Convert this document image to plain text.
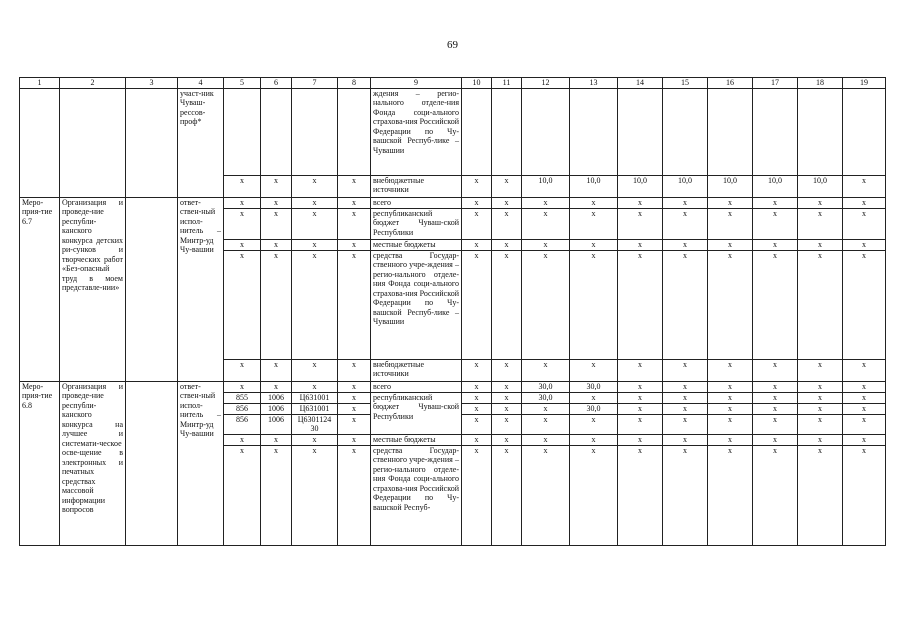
69
1	2	3	4	5	6	7	8	9	10	11	12	13	14	15	16	17	18	19
			участ-ник Чуваш-рессов-проф*					ждения – регио-нального отделе-ния Фонда соци-ального страхова-ния Российской Федерации по Чу-вашской Респуб-лике – Чувашии										
				x	x	x	x	внебюджетные источники	x	x	10,0	10,0	10,0	10,0	10,0	10,0	10,0	x
Меро-прия-тие 6.7	Организация и проведе-ние республи-канского конкурса детских ри-сунков и творческих работ «Без-опасный труд в моем представле-нии»		ответ-ствен-ный испол-нитель – Минтр-уд Чу-вашии	x	x	x	x	всего	x	x	x	x	x	x	x	x	x	x
				x	x	x	x	республиканский бюджет Чуваш-ской Республики	x	x	x	x	x	x	x	x	x	x
				x	x	x	x	местные бюджеты	x	x	x	x	x	x	x	x	x	x
				x	x	x	x	средства Государ-ственного учре-ждения – регио-нального отделе-ния Фонда соци-ального страхова-ния Российской Федерации по Чу-вашской Респуб-лике – Чувашии	x	x	x	x	x	x	x	x	x	x
				x	x	x	x	внебюджетные источники	x	x	x	x	x	x	x	x	x	x
Меро-прия-тие 6.8	Организация и проведе-ние республи-канского конкурса на лучшее и системати-ческое осве-щение в электронных и печатных средствах массовой информации вопросов		ответ-ствен-ный испол-нитель – Минтр-уд Чу-вашии	x	x	x	x	всего	x	x	30,0	30,0	x	x	x	x	x	x
				855	1006	Ц631001	x	республиканский бюджет Чуваш-ской Республики	x	x	30,0	x	x	x	x	x	x	x
				856	1006	Ц631001	x		x	x	x	30,0	x	x	x	x	x	x
				856	1006	Ц6301124 30	x		x	x	x	x	x	x	x	x	x	x
				x	x	x	x	местные бюджеты	x	x	x	x	x	x	x	x	x	x
				x	x	x	x	средства Государ-ственного учре-ждения – регио-нального отделе-ния Фонда соци-ального страхова-ния Российской Федерации по Чу-вашской Респуб-	x	x	x	x	x	x	x	x	x	x
